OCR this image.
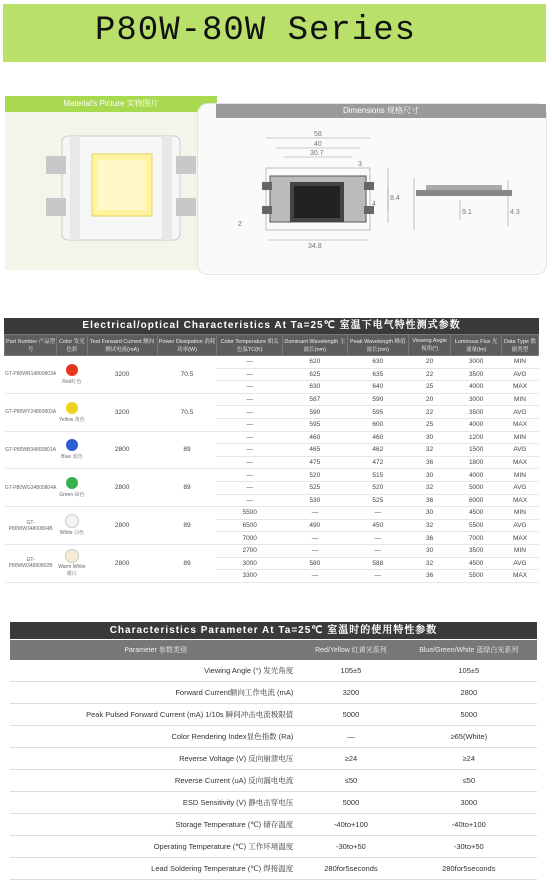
P80W-80W Series
Material's Picture 实物图片
Dimensions 规格尺寸
58
40
30.7
3
34.8
2
4
8.4
4.3
9.1
Electrical/optical Characteristics At Ta=25℃ 室温下电气特性测式参数
Part Number 产品型号	Color 发光色彩	Test Forward Current 额向测试电流(mA)	Power Dissipation 消耗功率(W)	Color Temperature 相关色温TC(K)	Dominant Wavelength 主波长(nm)	Peak Wavelength 峰值波长(nm)	Viewing Angle 视角(°)	Luminous Flux 光通量(lm)	Data Type 数据类型
GT-P80WR14800803A	Red红色	3200	70.5	—	620	630	20	3000	MIN
				—	625	635	22	3500	AVG
				—	630	640	25	4000	MAX
GT-P80WY24800803A	Yellow 黄色	3200	70.5	—	587	590	20	3000	MIN
				—	590	595	22	3500	AVG
				—	595	600	25	4000	MAX
GT-P80WB34800801A	Blue 蓝色	2800	89	—	460	460	30	1200	MIN
				—	465	462	32	1500	AVG
				—	475	472	36	1800	MAX
GT-P80WG34800804A	Green 绿色	2800	89	—	520	515	30	4000	MIN
				—	525	520	32	5000	AVG
				—	530	525	36	6000	MAX
GT-P80WW34800804B	White 白色	2800	89	5500	—	—	30	4500	MIN
				6500	490	450	32	5500	AVG
				7000	—	—	36	7000	MAX
GT-P80WW34880802B	Warm White 暖白	2800	89	2700	—	—	30	3500	MIN
				3000	580	588	32	4500	AVG
				3300	—	—	36	5500	MAX
Characteristics Parameter At Ta=25℃ 室温时的使用特性参数
Parameter 参数类别	Red/Yellow 红黄光系列	Blue/Green/White 蓝绿白光系列
Viewing Angle (°) 发光角度	105±5	105±5
Forward Current额向工作电流 (mA)	3200	2800
Peak Pulsed Forward Current (mA) 1/10s 瞬间冲击电流极限值	5000	5000
Color Rendering Index显色指数 (Ra)	—	≥65(White)
Reverse Voltage (V) 反向崩溃电压	≥24	≥24
Reverse Current (uA) 反向漏电电流	≤50	≤50
ESD Sensitivity (V) 静电击穿电压	5000	3000
Storage Temperature (℃) 储存温度	-40to+100	-40to+100
Operating Temperature (℃) 工作环境温度	-30to+50	-30to+50
Lead Soldering Temperature (℃) 焊接温度	280for5seconds	280for5seconds
